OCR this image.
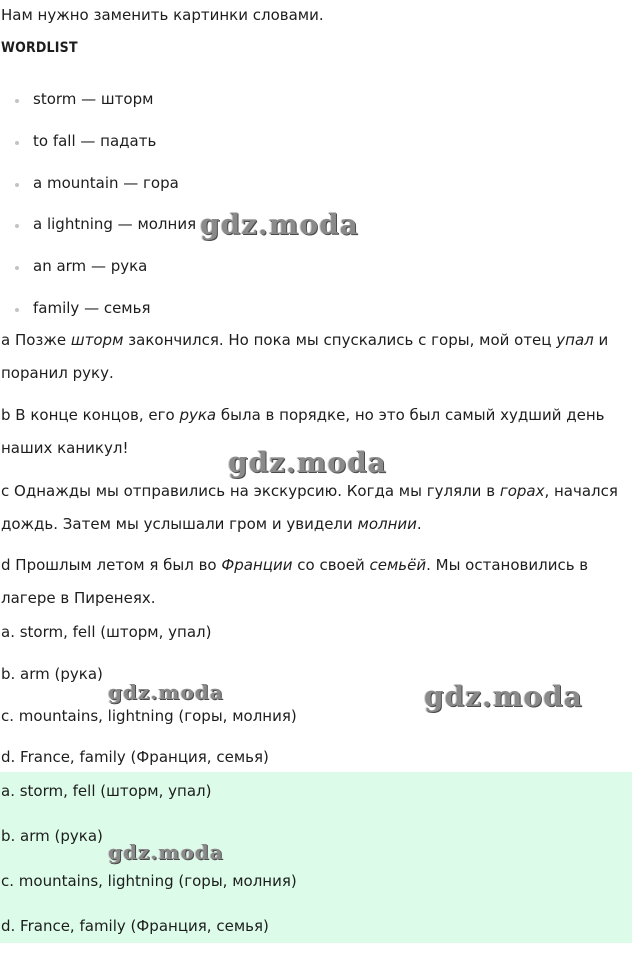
Нам нужно заменить картинки словами.
WORDLIST
storm — шторм
to fall — падать
a mountain — гора
a lightning — молния
an arm — рука
family — семья
a Позже шторм закончился. Но пока мы спускались с горы, мой отец упал и поранил руку.
b В конце концов, его рука была в порядке, но это был самый худший день наших каникул!
c Однажды мы отправились на экскурсию. Когда мы гуляли в горах, начался дождь. Затем мы услышали гром и увидели молнии.
d Прошлым летом я был во Франции со своей семьёй. Мы остановились в лагере в Пиренеях.
a. storm, fell (шторм, упал)
b. arm (рука)
c. mountains, lightning (горы, молния)
d. France, family (Франция, семья)
a. storm, fell (шторм, упал)
b. arm (рука)
c. mountains, lightning (горы, молния)
d. France, family (Франция, семья)
gdz.moda
gdz.moda
gdz.moda	gdz.moda
gdz.moda
